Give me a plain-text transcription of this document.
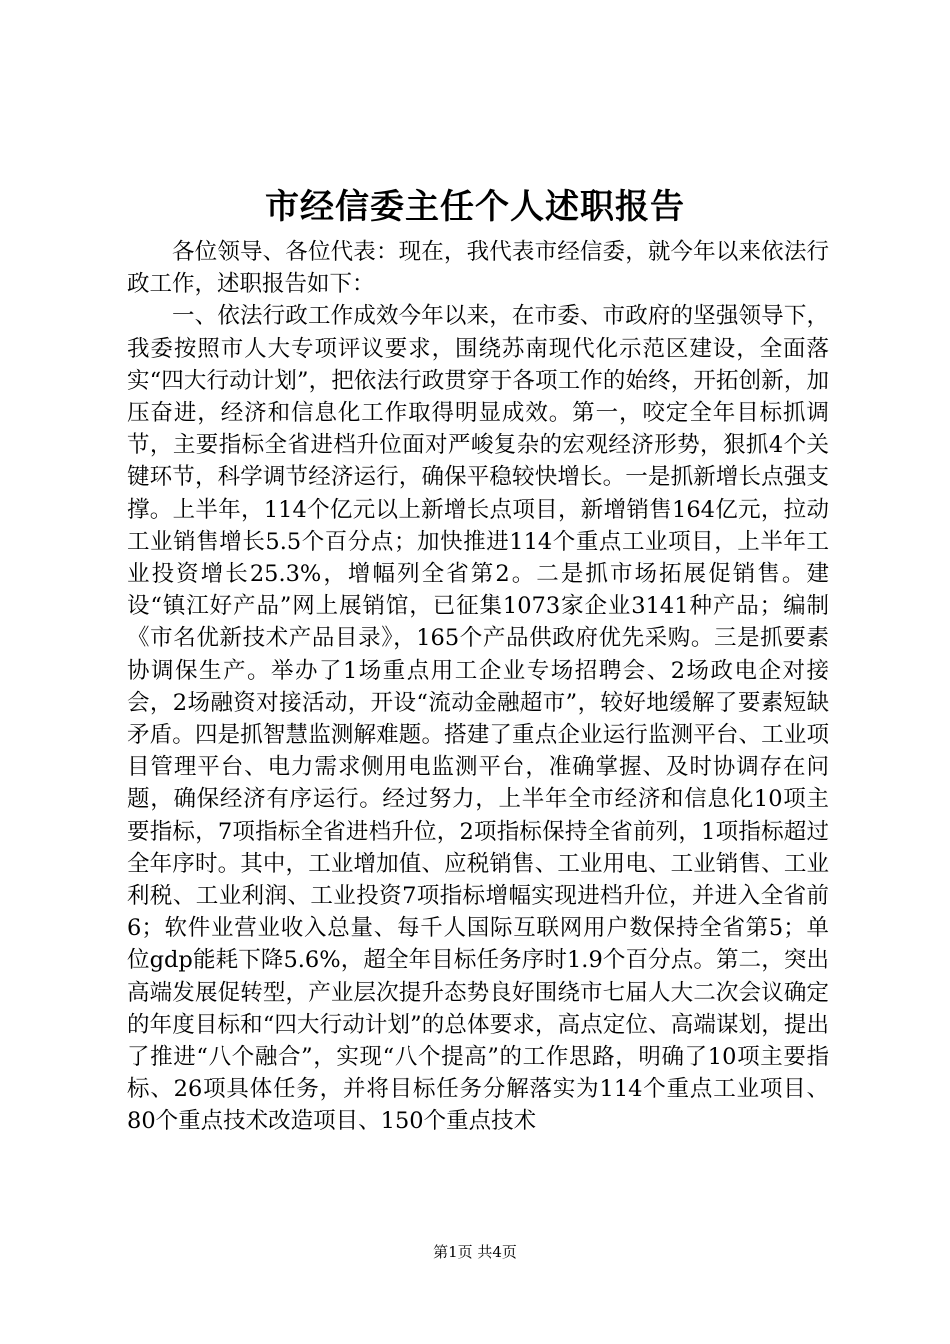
市经信委主任个人述职报告

各位领导、各位代表：现在，我代表市经信委，就今年以来依法行政工作，述职报告如下：

一、依法行政工作成效今年以来，在市委、市政府的坚强领导下，我委按照市人大专项评议要求，围绕苏南现代化示范区建设，全面落实“四大行动计划”，把依法行政贯穿于各项工作的始终，开拓创新，加压奋进，经济和信息化工作取得明显成效。第一，咬定全年目标抓调节，主要指标全省进档升位面对严峻复杂的宏观经济形势，狠抓4个关键环节，科学调节经济运行，确保平稳较快增长。一是抓新增长点强支撑。上半年，114个亿元以上新增长点项目，新增销售164亿元，拉动工业销售增长5.5个百分点；加快推进114个重点工业项目，上半年工业投资增长25.3%，增幅列全省第2。二是抓市场拓展促销售。建设“镇江好产品”网上展销馆，已征集1073家企业3141种产品；编制《市名优新技术产品目录》，165个产品供政府优先采购。三是抓要素协调保生产。举办了1场重点用工企业专场招聘会、2场政电企对接会，2场融资对接活动，开设“流动金融超市”，较好地缓解了要素短缺矛盾。四是抓智慧监测解难题。搭建了重点企业运行监测平台、工业项目管理平台、电力需求侧用电监测平台，准确掌握、及时协调存在问题，确保经济有序运行。经过努力，上半年全市经济和信息化10项主要指标，7项指标全省进档升位，2项指标保持全省前列，1项指标超过全年序时。其中，工业增加值、应税销售、工业用电、工业销售、工业利税、工业利润、工业投资7项指标增幅实现进档升位，并进入全省前6；软件业营业收入总量、每千人国际互联网用户数保持全省第5；单位gdp能耗下降5.6%，超全年目标任务序时1.9个百分点。第二，突出高端发展促转型，产业层次提升态势良好围绕市七届人大二次会议确定的年度目标和“四大行动计划”的总体要求，高点定位、高端谋划，提出了推进“八个融合”，实现“八个提高”的工作思路，明确了10项主要指标、26项具体任务，并将目标任务分解落实为114个重点工业项目、80个重点技术改造项目、150个重点技术

第1页 共4页
